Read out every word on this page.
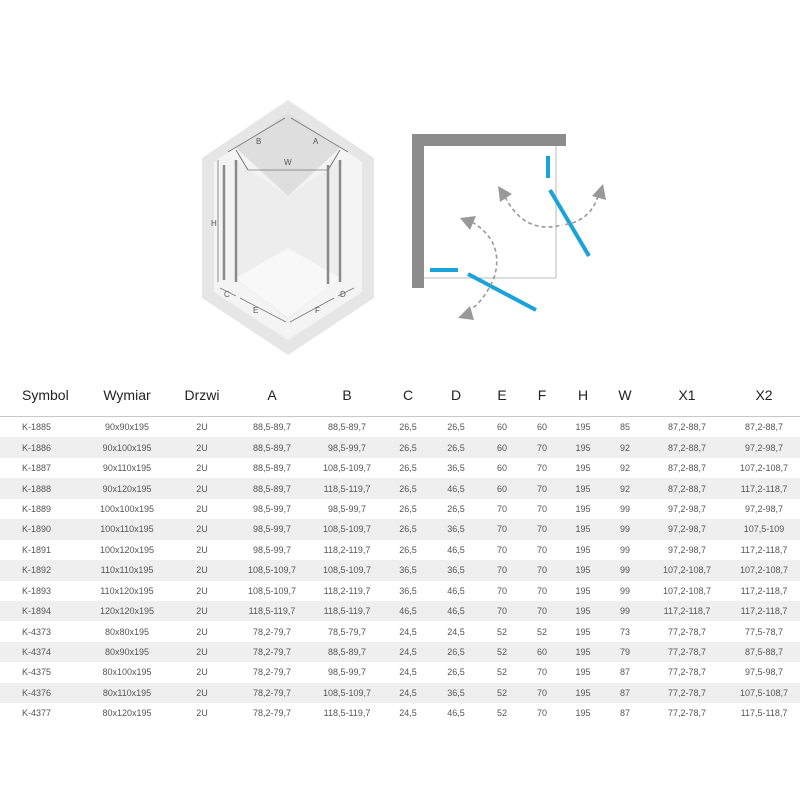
B	A
W
H
C
E	F
D
Symbol	Wymiar	Drzwi	A	B	C	D	E	F	H	W	X1	X2
K-1885	90x90x195	2U	88,5-89,7	88,5-89,7	26,5	26,5	60	60	195	85	87,2-88,7	87,2-88,7
K-1886	90x100x195	2U	88,5-89,7	98,5-99,7	26,5	26,5	60	70	195	92	87,2-88,7	97,2-98,7
K-1887	90x110x195	2U	88,5-89,7	108,5-109,7	26,5	36,5	60	70	195	92	87,2-88,7	107,2-108,7
K-1888	90x120x195	2U	88,5-89,7	118,5-119,7	26,5	46,5	60	70	195	92	87,2-88,7	117,2-118,7
K-1889	100x100x195	2U	98,5-99,7	98,5-99,7	26,5	26,5	70	70	195	99	97,2-98,7	97,2-98,7
K-1890	100x110x195	2U	98,5-99,7	108,5-109,7	26,5	36,5	70	70	195	99	97,2-98,7	107,5-109
K-1891	100x120x195	2U	98,5-99,7	118,2-119,7	26,5	46,5	70	70	195	99	97,2-98,7	117,2-118,7
K-1892	110x110x195	2U	108,5-109,7	108,5-109,7	36,5	36,5	70	70	195	99	107,2-108,7	107,2-108,7
K-1893	110x120x195	2U	108,5-109,7	118,2-119,7	36,5	46,5	70	70	195	99	107,2-108,7	117,2-118,7
K-1894	120x120x195	2U	118,5-119,7	118,5-119,7	46,5	46,5	70	70	195	99	117,2-118,7	117,2-118,7
K-4373	80x80x195	2U	78,2-79,7	78,5-79,7	24,5	24,5	52	52	195	73	77,2-78,7	77,5-78,7
K-4374	80x90x195	2U	78,2-79,7	88,5-89,7	24,5	26,5	52	60	195	79	77,2-78,7	87,5-88,7
K-4375	80x100x195	2U	78,2-79,7	98,5-99,7	24,5	26,5	52	70	195	87	77,2-78,7	97,5-98,7
K-4376	80x110x195	2U	78,2-79,7	108,5-109,7	24,5	36,5	52	70	195	87	77,2-78,7	107,5-108,7
K-4377	80x120x195	2U	78,2-79,7	118,5-119,7	24,5	46,5	52	70	195	87	77,2-78,7	117,5-118,7
